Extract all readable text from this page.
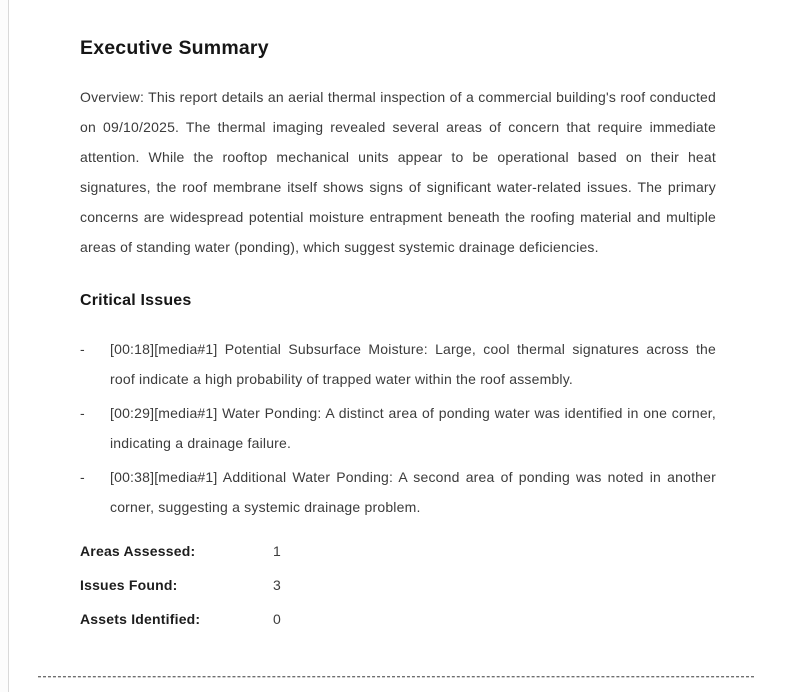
Executive Summary

Overview: This report details an aerial thermal inspection of a commercial building's roof conducted on 09/10/2025. The thermal imaging revealed several areas of concern that require immediate attention. While the rooftop mechanical units appear to be operational based on their heat signatures, the roof membrane itself shows signs of significant water-related issues. The primary concerns are widespread potential moisture entrapment beneath the roofing material and multiple areas of standing water (ponding), which suggest systemic drainage deficiencies.

Critical Issues
-	[00:18][media#1] Potential Subsurface Moisture: Large, cool thermal signatures across the roof indicate a high probability of trapped water within the roof assembly.
-	[00:29][media#1] Water Ponding: A distinct area of ponding water was identified in one corner, indicating a drainage failure.
-	[00:38][media#1] Additional Water Ponding: A second area of ponding was noted in another corner, suggesting a systemic drainage problem.
Areas Assessed:	1
Issues Found:	3
Assets Identified:	0
